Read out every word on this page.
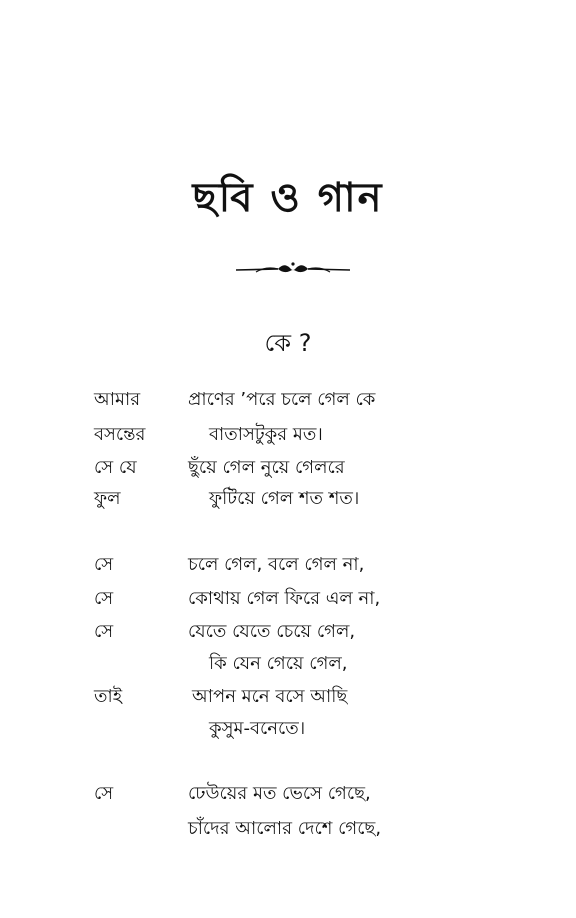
ছবি ও গান
কে ?
আমার	প্রাণের ’পরে চলে গেল কে
বসন্তের	বাতাসটুকুর মত।
সে যে	ছুঁয়ে গেল নুয়ে গেলরে
ফুল	ফুটিয়ে গেল শত শত।
সে	চলে গেল, বলে গেল না,
সে	কোথায় গেল ফিরে এল না,
সে	যেতে যেতে চেয়ে গেল,
কি যেন গেয়ে গেল,
তাই	আপন মনে বসে আছি
কুসুম-বনেতে।
সে	ঢেউয়ের মত ভেসে গেছে,
চাঁদের আলোর দেশে গেছে,
